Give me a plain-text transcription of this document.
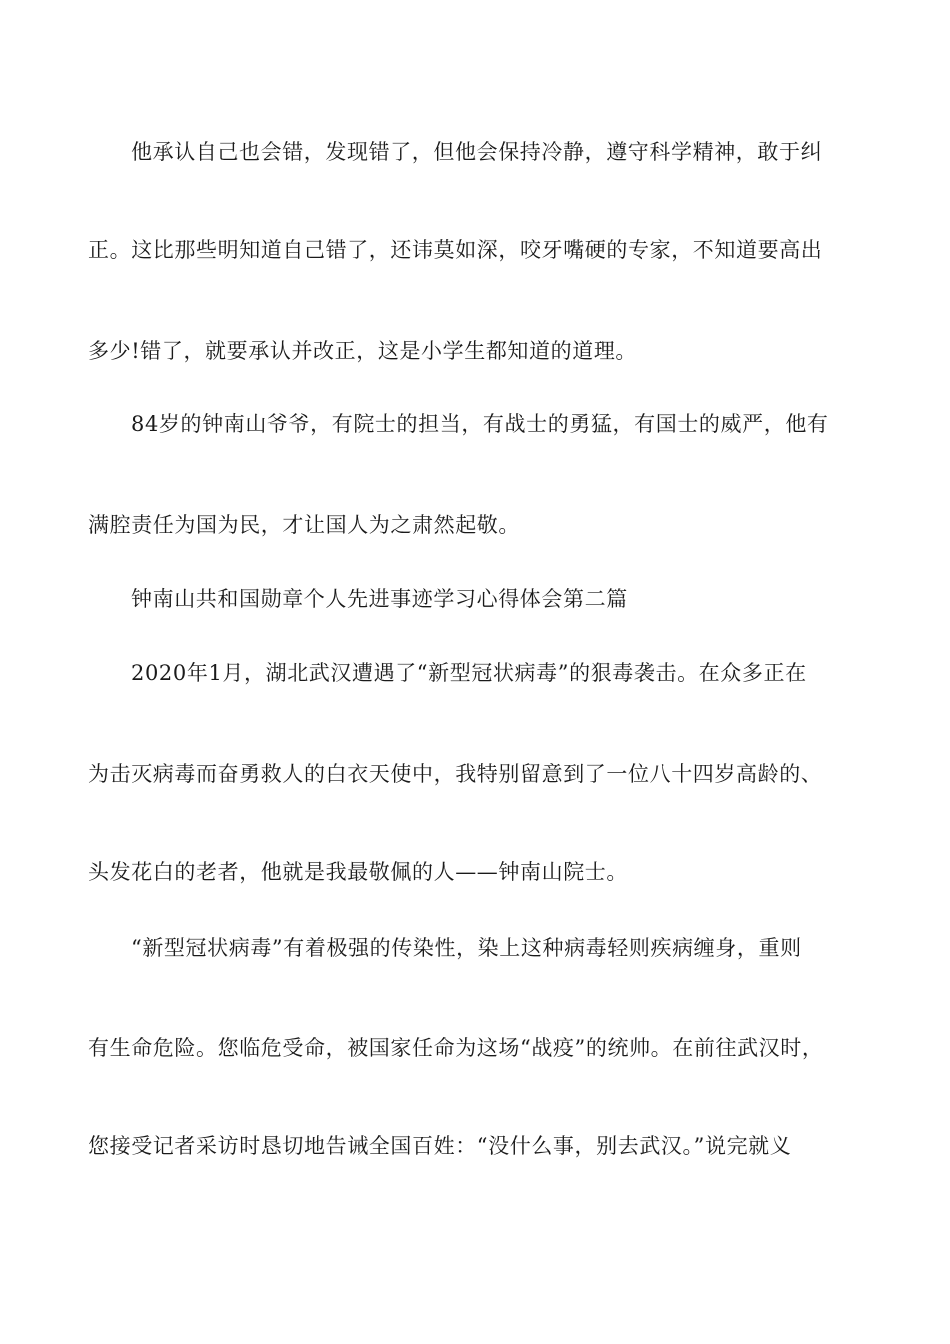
他承认自己也会错，发现错了，但他会保持冷静，遵守科学精神，敢于纠
正。这比那些明知道自己错了，还讳莫如深，咬牙嘴硬的专家，不知道要高出
多少!错了，就要承认并改正，这是小学生都知道的道理。
84岁的钟南山爷爷，有院士的担当，有战士的勇猛，有国士的威严，他有
满腔责任为国为民，才让国人为之肃然起敬。
钟南山共和国勋章个人先进事迹学习心得体会第二篇
2020年1月，湖北武汉遭遇了“新型冠状病毒”的狠毒袭击。在众多正在
为击灭病毒而奋勇救人的白衣天使中，我特别留意到了一位八十四岁高龄的、
头发花白的老者，他就是我最敬佩的人——钟南山院士。
“新型冠状病毒”有着极强的传染性，染上这种病毒轻则疾病缠身，重则
有生命危险。您临危受命，被国家任命为这场“战疫”的统帅。在前往武汉时，
您接受记者采访时恳切地告诫全国百姓：“没什么事，别去武汉。”说完就义
